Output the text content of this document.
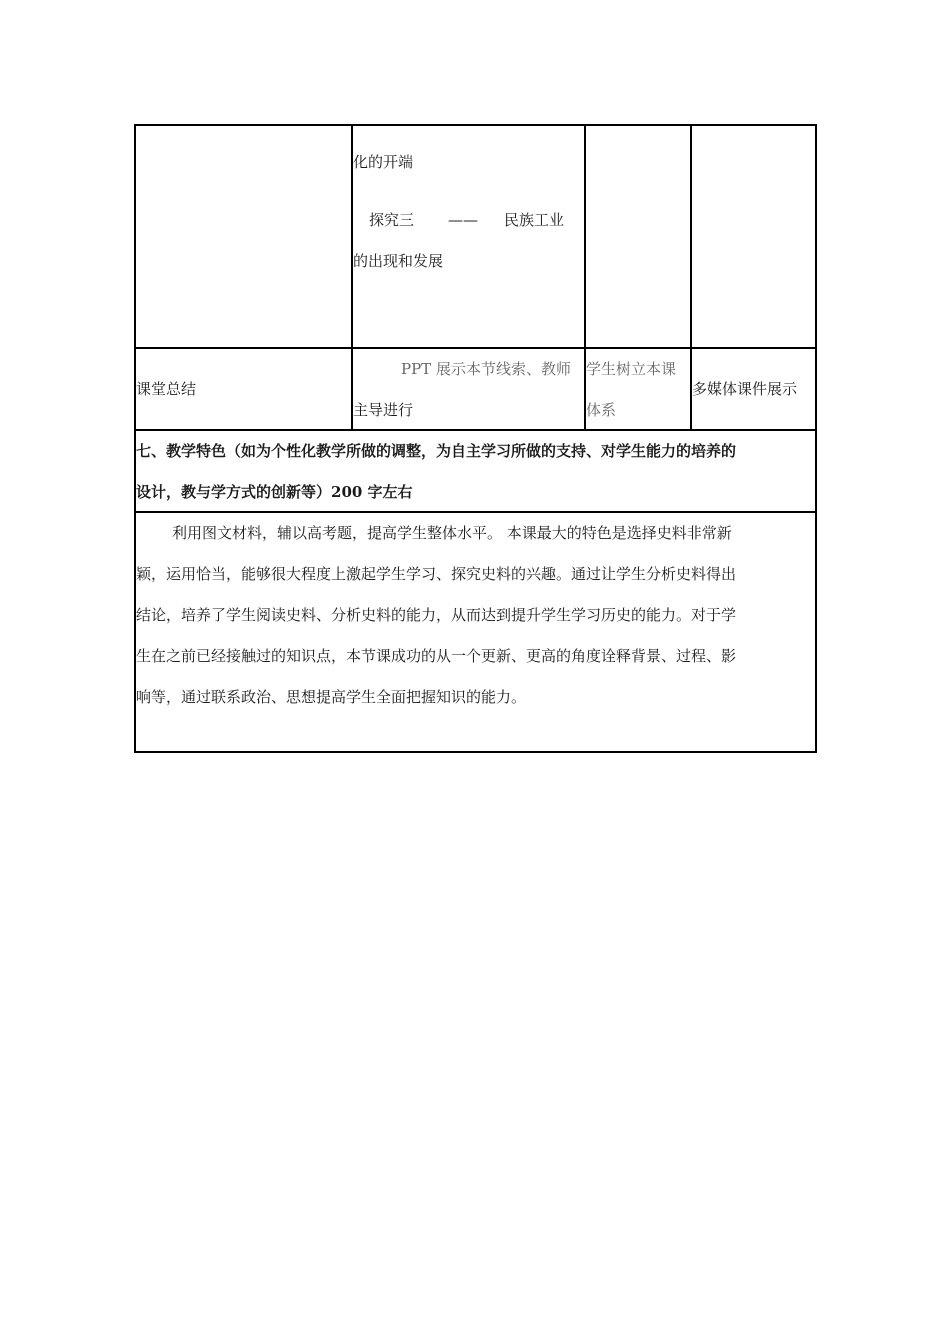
化的开端
探究三 —— 民族工业
的出现和发展
课堂总结
PPT 展示本节线索、教师
主导进行
学生树立本课
体系
多媒体课件展示
七、教学特色（如为个性化教学所做的调整，为自主学习所做的支持、对学生能力的培养的
设计，教与学方式的创新等）200 字左右
利用图文材料，辅以高考题，提高学生整体水平。 本课最大的特色是选择史料非常新
颖，运用恰当，能够很大程度上激起学生学习、探究史料的兴趣。通过让学生分析史料得出
结论，培养了学生阅读史料、分析史料的能力，从而达到提升学生学习历史的能力。对于学
生在之前已经接触过的知识点，本节课成功的从一个更新、更高的角度诠释背景、过程、影
响等，通过联系政治、思想提高学生全面把握知识的能力。
